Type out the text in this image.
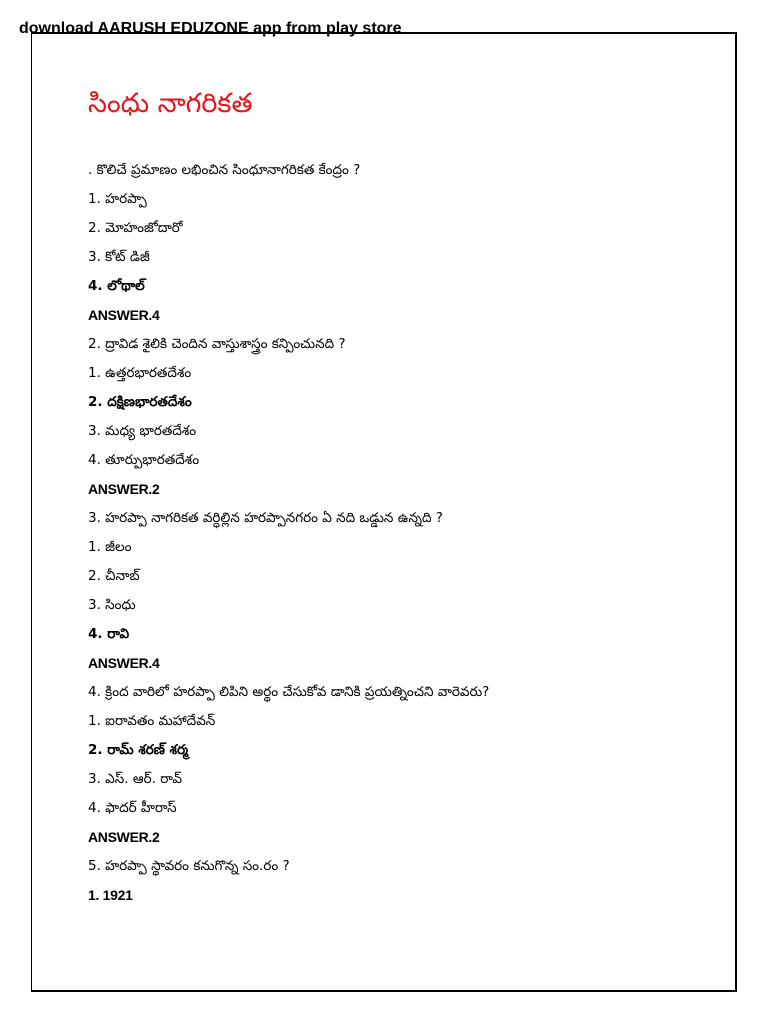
download AARUSH EDUZONE app from play store
సింధు నాగరికత
. కొలిచే ప్రమాణం లభించిన సింధూనాగరికత కేంద్రం ?
1. హరప్పా
2. మోహంజోదారో
3. కోట్ డిజీ
4. లోథాల్
ANSWER.4
2. ద్రావిడ శైలికి చెందిన వాస్తుశాస్త్రం కన్పించునది ?
1. ఉత్తరభారతదేశం
2. దక్షిణభారతదేశం
3. మధ్య భారతదేశం
4. తూర్పుభారతదేశం
ANSWER.2
3. హరప్పా నాగరికత వర్ధిల్లిన హరప్పానగరం ఏ నది ఒడ్డున ఉన్నది ?
1. జీలం
2. చీనాబ్
3. సింధు
4. రావి
ANSWER.4
4. క్రింద వారిలో హరప్పా లిపిని అర్థం చేసుకోవ డానికి ప్రయత్నించని వారెవరు?
1. ఐరావతం మహాదేవన్
2. రామ్ శరణ్ శర్మ
3. ఎస్. ఆర్. రావ్
4. ఫాదర్ హీరాస్
ANSWER.2
5. హరప్పా స్థావరం కనుగొన్న సం.రం ?
1. 1921
